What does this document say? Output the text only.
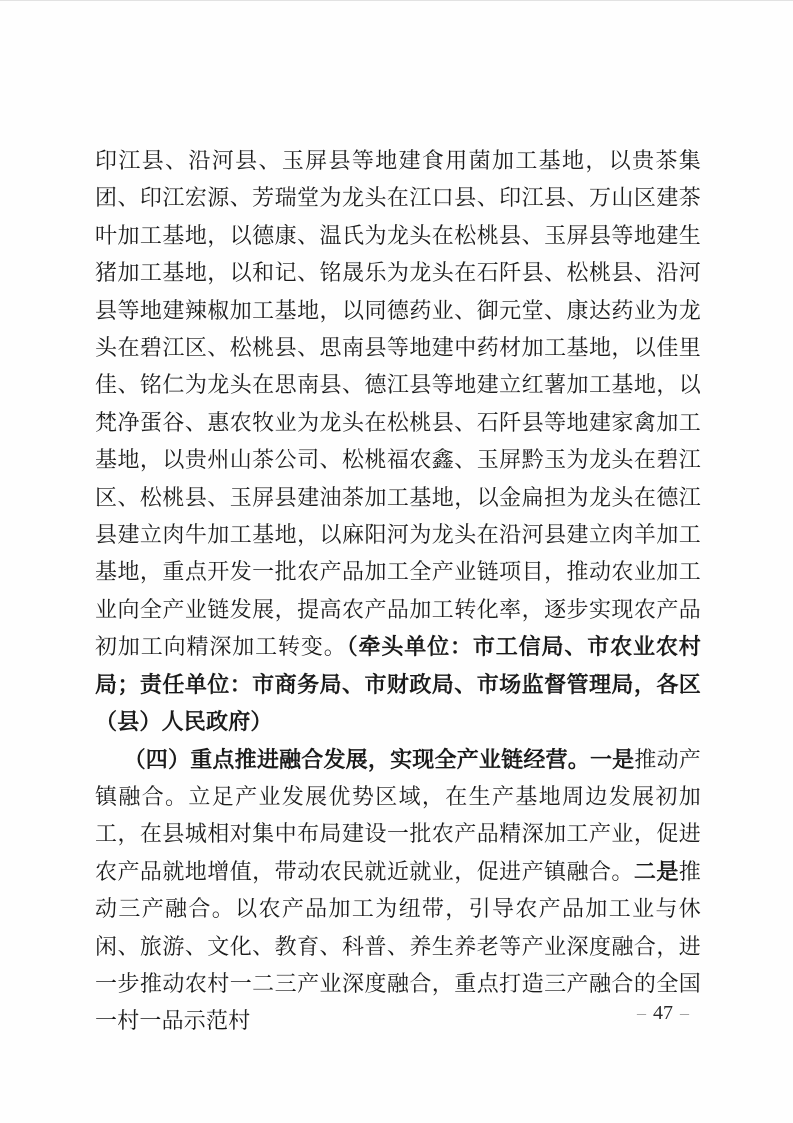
印江县、沿河县、玉屏县等地建食用菌加工基地，以贵茶集团、印江宏源、芳瑞堂为龙头在江口县、印江县、万山区建茶叶加工基地，以德康、温氏为龙头在松桃县、玉屏县等地建生猪加工基地，以和记、铭晟乐为龙头在石阡县、松桃县、沿河县等地建辣椒加工基地，以同德药业、御元堂、康达药业为龙头在碧江区、松桃县、思南县等地建中药材加工基地，以佳里佳、铭仁为龙头在思南县、德江县等地建立红薯加工基地，以梵净蛋谷、惠农牧业为龙头在松桃县、石阡县等地建家禽加工基地，以贵州山茶公司、松桃福农鑫、玉屏黔玉为龙头在碧江区、松桃县、玉屏县建油茶加工基地，以金扁担为龙头在德江县建立肉牛加工基地，以麻阳河为龙头在沿河县建立肉羊加工基地，重点开发一批农产品加工全产业链项目，推动农业加工业向全产业链发展，提高农产品加工转化率，逐步实现农产品初加工向精深加工转变。（牵头单位：市工信局、市农业农村局；责任单位：市商务局、市财政局、市场监督管理局，各区（县）人民政府）

（四）重点推进融合发展，实现全产业链经营。一是推动产镇融合。立足产业发展优势区域，在生产基地周边发展初加工，在县城相对集中布局建设一批农产品精深加工产业，促进农产品就地增值，带动农民就近就业，促进产镇融合。二是推动三产融合。以农产品加工为纽带，引导农产品加工业与休闲、旅游、文化、教育、科普、养生养老等产业深度融合，进一步推动农村一二三产业深度融合，重点打造三产融合的全国一村一品示范村	– 47 –
